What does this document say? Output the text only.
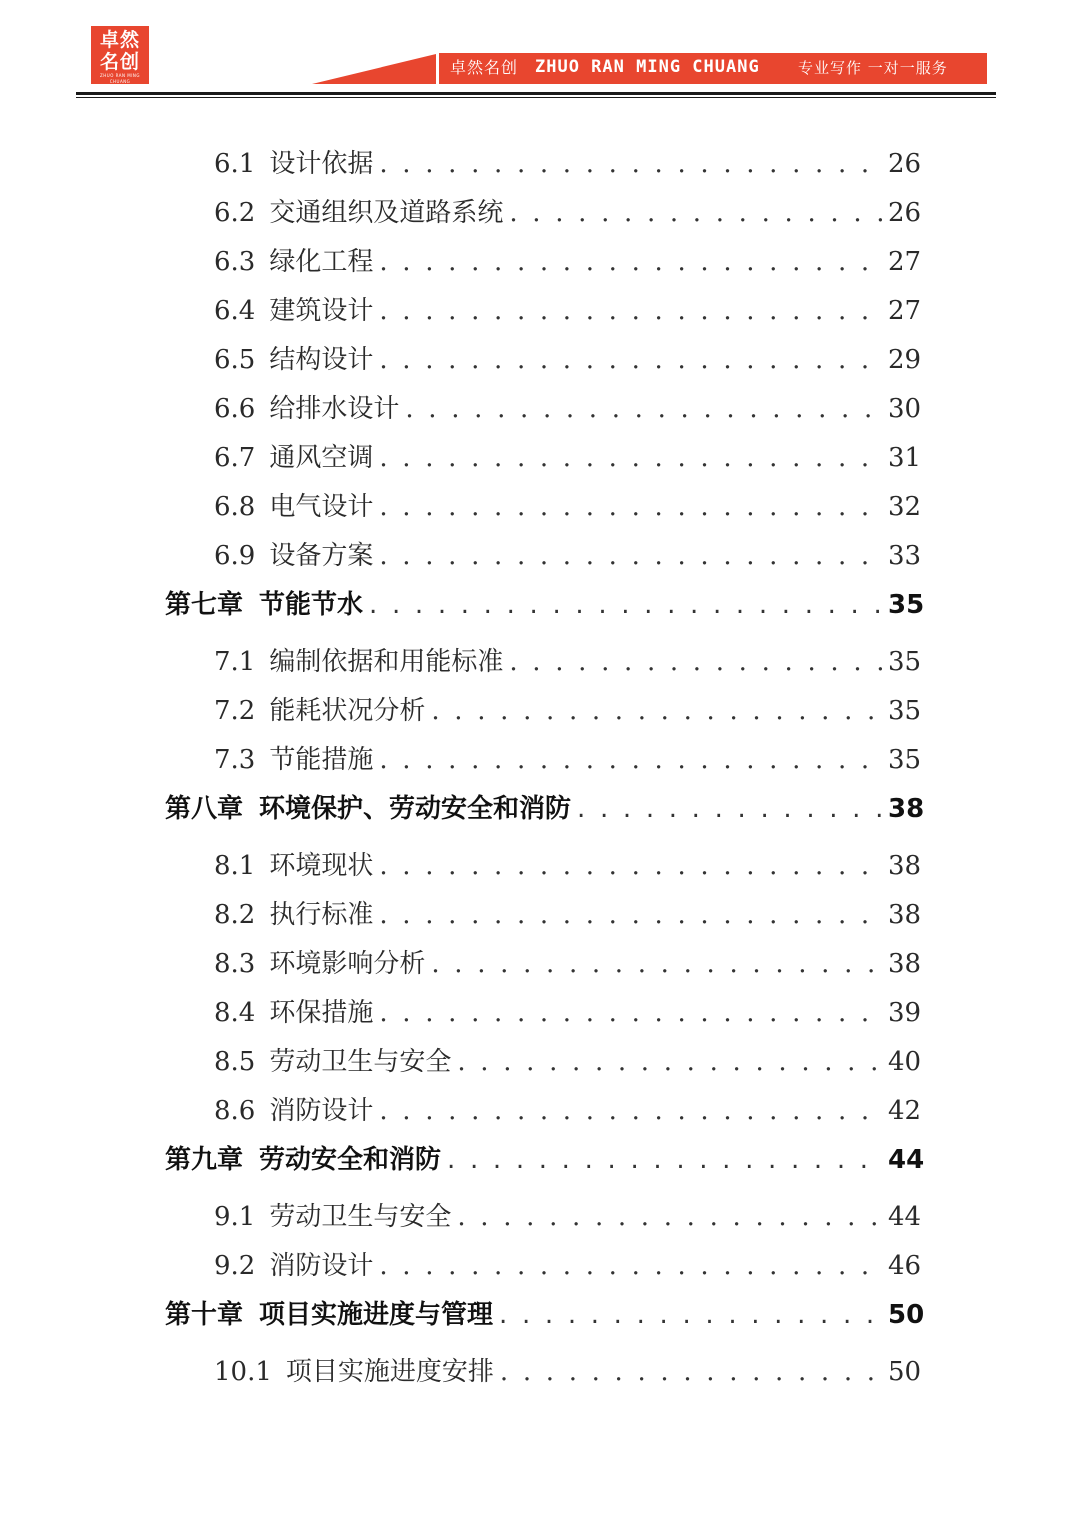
卓然
名创
ZHUO RAN MING CHUANG
卓然名创 ZHUO RAN MING CHUANG	专业写作 一对一服务
6.1 设计依据 . . .	26
6.2 交通组织及道路系统 . . .	26
6.3 绿化工程 . . .	27
6.4 建筑设计 . . .	27
6.5 结构设计 . . .	29
6.6 给排水设计 . . .	30
6.7 通风空调 . . .	31
6.8 电气设计 . . .	32
6.9 设备方案 . . .	33
第七章 节能节水 . . .	35
7.1 编制依据和用能标准 . . .	35
7.2 能耗状况分析 . . .	35
7.3 节能措施 . . .	35
第八章 环境保护、劳动安全和消防 . . .	38
8.1 环境现状 . . .	38
8.2 执行标准 . . .	38
8.3 环境影响分析 . . .	38
8.4 环保措施 . . .	39
8.5 劳动卫生与安全 . . .	40
8.6 消防设计 . . .	42
第九章 劳动安全和消防 . . .	44
9.1 劳动卫生与安全 . . .	44
9.2 消防设计 . . .	46
第十章 项目实施进度与管理 . . .	50
10.1 项目实施进度安排 . . .	50
